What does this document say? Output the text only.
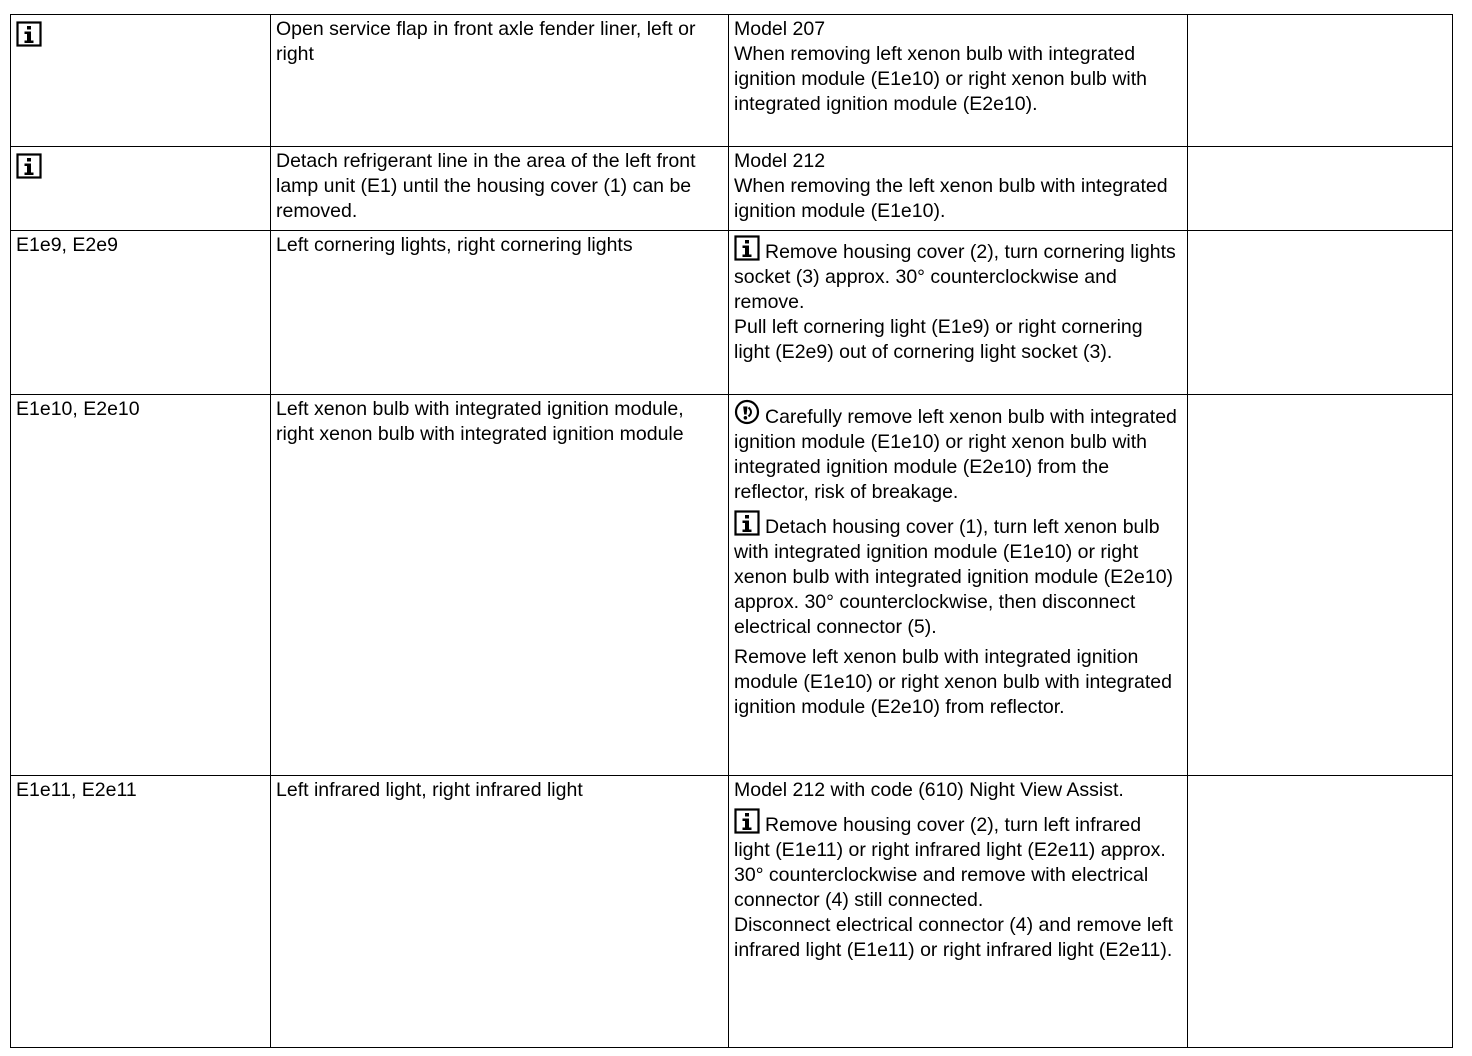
	Open service flap in front axle fender liner, left or right	Model 207
When removing left xenon bulb with integrated ignition module (E1e10) or right xenon bulb with integrated ignition module (E2e10).	

	Detach refrigerant line in the area of the left front lamp unit (E1) until the housing cover (1) can be removed.	Model 212
When removing the left xenon bulb with integrated ignition module (E1e10).	

E1e9, E2e9	Left cornering lights, right cornering lights	Remove housing cover (2), turn cornering lights socket (3) approx. 30° counterclockwise and remove.

Pull left cornering light (E1e9) or right cornering light (E2e9) out of cornering light socket (3).	

E1e10, E2e10	Left xenon bulb with integrated ignition module, right xenon bulb with integrated ignition module	Carefully remove left xenon bulb with integrated ignition module (E1e10) or right xenon bulb with integrated ignition module (E2e10) from the reflector, risk of breakage.

Detach housing cover (1), turn left xenon bulb with integrated ignition module (E1e10) or right xenon bulb with integrated ignition module (E2e10) approx. 30° counterclockwise, then disconnect electrical connector (5).

Remove left xenon bulb with integrated ignition module (E1e10) or right xenon bulb with integrated ignition module (E2e10) from reflector.	

E1e11, E2e11	Left infrared light, right infrared light	Model 212 with code (610) Night View Assist.

Remove housing cover (2), turn left infrared light (E1e11) or right infrared light (E2e11) approx. 30° counterclockwise and remove with electrical connector (4) still connected.

Disconnect electrical connector (4) and remove left infrared light (E1e11) or right infrared light (E2e11).	
